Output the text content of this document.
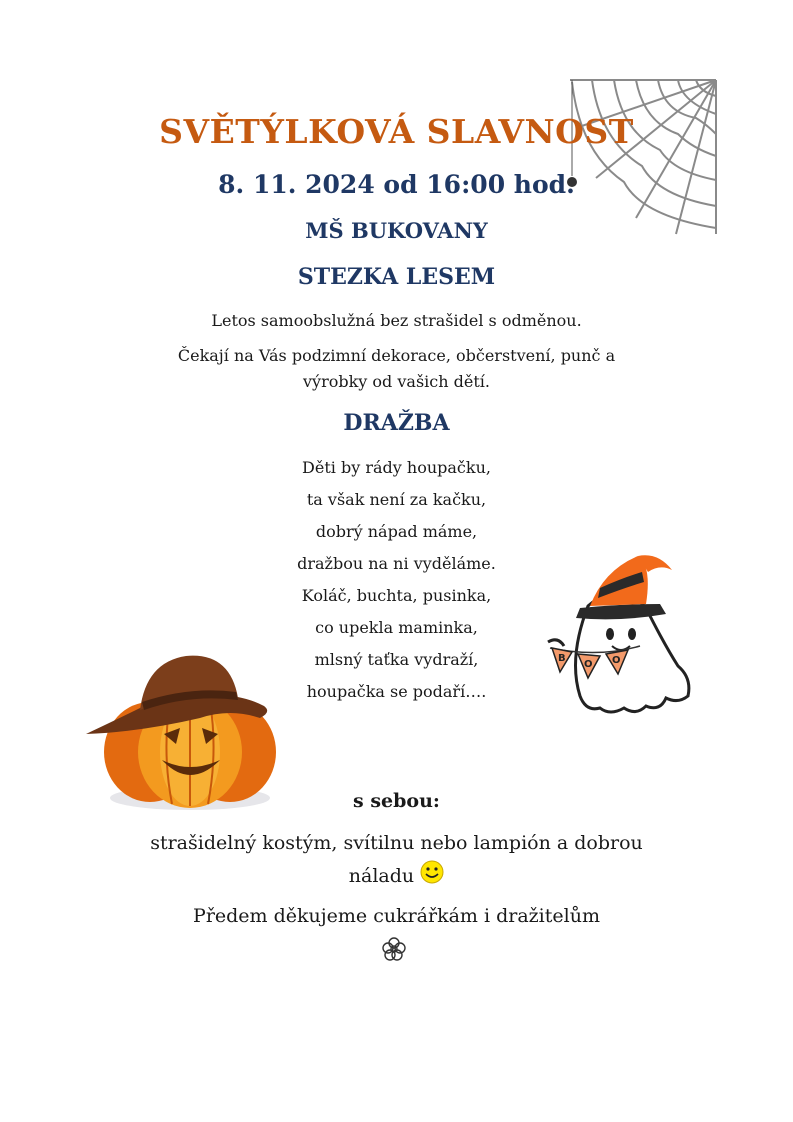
SVĚTÝLKOVÁ SLAVNOST
8. 11. 2024 od 16:00 hod.
MŠ BUKOVANY
STEZKA LESEM
Letos samoobslužná bez strašidel s odměnou.
Čekají na Vás podzimní dekorace, občerstvení, punč a
výrobky od vašich dětí.
DRAŽBA
Děti by rády houpačku,
ta však není za kačku,
dobrý nápad máme,
dražbou na ni vyděláme.
Koláč, buchta, pusinka,
co upekla maminka,
mlsný taťka vydraží,
houpačka se podaří….
B
O O
s sebou:
strašidelný kostým, svítilnu nebo lampión a dobrou
náladu
Předem děkujeme cukrářkám i dražitelům
